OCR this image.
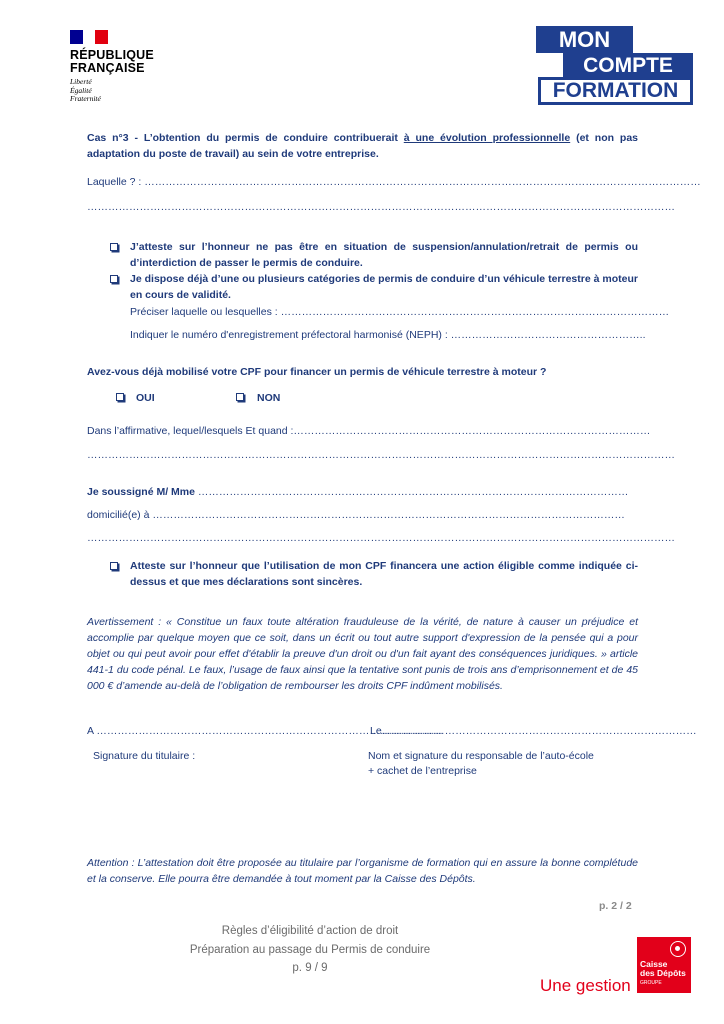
RÉPUBLIQUE
FRANÇAISE
Liberté
Égalité
Fraternité
MON
COMPTE
FORMATION
Cas n°3 - L’obtention du permis de conduire contribuerait à une évolution professionnelle (et non pas adaptation du poste de travail) au sein de votre entreprise.
Laquelle ? : ……………………………………………………………………………………………………………………………………………
……………………………………………………………………………………………………………………………………………………
J’atteste sur l’honneur ne pas être en situation de suspension/annulation/retrait de permis ou d’interdiction de passer le permis de conduire.
Je dispose déjà d’une ou plusieurs catégories de permis de conduire d’un véhicule terrestre à moteur en cours de validité.
Préciser laquelle ou lesquelles : …………………………………………………………………………………………………
Indiquer le numéro d'enregistrement préfectoral harmonisé (NEPH) : ………………………………………………..
Avez-vous déjà mobilisé votre CPF pour financer un permis de véhicule terrestre à moteur ?
OUI	NON
Dans l’affirmative, lequel/lesquels Et quand :…………………………………………………………………………………………
……………………………………………………………………………………………………………………………………………………
Je soussigné M/ Mme ……………………………………………………………………………………………………………
domicilié(e) à ………………………………………………………………………………………………………………………
……………………………………………………………………………………………………………………………………………………
Atteste sur l’honneur que l’utilisation de mon CPF financera une action éligible comme indiquée ci-dessus et que mes déclarations sont sincères.
Avertissement : « Constitue un faux toute altération frauduleuse de la vérité, de nature à causer un préjudice et accomplie par quelque moyen que ce soit, dans un écrit ou tout autre support d'expression de la pensée qui a pour objet ou qui peut avoir pour effet d'établir la preuve d'un droit ou d'un fait ayant des conséquences juridiques. » article 441-1 du code pénal. Le faux, l’usage de faux ainsi que la tentative sont punis de trois ans d’emprisonnement et de 45 000 € d’amende au-delà de l’obligation de rembourser les droits CPF indûment mobilisés.
A ………………………………………………………………………………………
Le………………………………………………………………………………
Signature du titulaire :	Nom et signature du responsable de l’auto-école
+ cachet de l’entreprise
Attention : L’attestation doit être proposée au titulaire par l’organisme de formation qui en assure la bonne complétude et la conserve. Elle pourra être demandée à tout moment par la Caisse des Dépôts.
p. 2 / 2
Règles d’éligibilité d’action de droit
Préparation au passage du Permis de conduire
p. 9 / 9
Une gestion
Caisse
des Dépôts
GROUPE
